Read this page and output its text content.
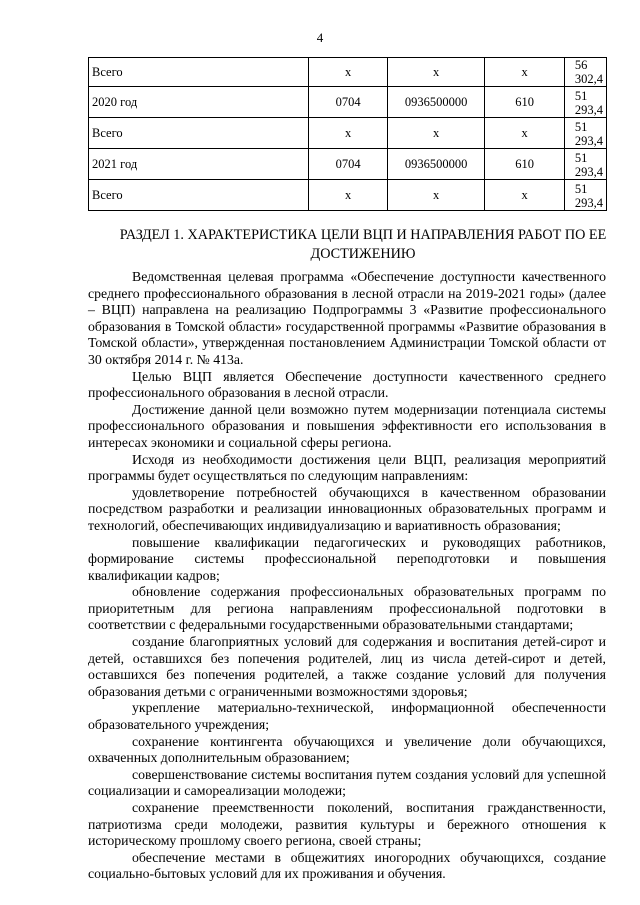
4
Всего	х	х	х	56 302,4
2020 год	0704	0936500000	610	51 293,4
Всего	х	х	х	51 293,4
2021 год	0704	0936500000	610	51 293,4
Всего	х	х	х	51 293,4
РАЗДЕЛ 1. ХАРАКТЕРИСТИКА ЦЕЛИ ВЦП И НАПРАВЛЕНИЯ РАБОТ ПО ЕЕ ДОСТИЖЕНИЮ

Ведомственная целевая программа «Обеспечение доступности качественного среднего профессионального образования в лесной отрасли на 2019-2021 годы» (далее – ВЦП) направлена на реализацию Подпрограммы 3 «Развитие профессионального образования в Томской области» государственной программы «Развитие образования в Томской области», утвержденная постановлением Администрации Томской области от 30 октября 2014 г. № 413а.

Целью ВЦП является Обеспечение доступности качественного среднего профессионального образования в лесной отрасли.

Достижение данной цели возможно путем модернизации потенциала системы профессионального образования и повышения эффективности его использования в интересах экономики и социальной сферы региона.

Исходя из необходимости достижения цели ВЦП, реализация мероприятий программы будет осуществляться по следующим направлениям:

удовлетворение потребностей обучающихся в качественном образовании посредством разработки и реализации инновационных образовательных программ и технологий, обеспечивающих индивидуализацию и вариативность образования;

повышение квалификации педагогических и руководящих работников, формирование системы профессиональной переподготовки и повышения квалификации кадров;

обновление содержания профессиональных образовательных программ по приоритетным для региона направлениям профессиональной подготовки в соответствии с федеральными государственными образовательными стандартами;

создание благоприятных условий для содержания и воспитания детей-сирот и детей, оставшихся без попечения родителей, лиц из числа детей-сирот и детей, оставшихся без попечения родителей, а также создание условий для получения образования детьми с ограниченными возможностями здоровья;

укрепление материально-технической, информационной обеспеченности образовательного учреждения;

сохранение контингента обучающихся и увеличение доли обучающихся, охваченных дополнительным образованием;

совершенствование системы воспитания путем создания условий для успешной социализации и самореализации молодежи;

сохранение преемственности поколений, воспитания гражданственности, патриотизма среди молодежи, развития культуры и бережного отношения к историческому прошлому своего региона, своей страны;

обеспечение местами в общежитиях иногородних обучающихся, создание социально-бытовых условий для их проживания и обучения.
